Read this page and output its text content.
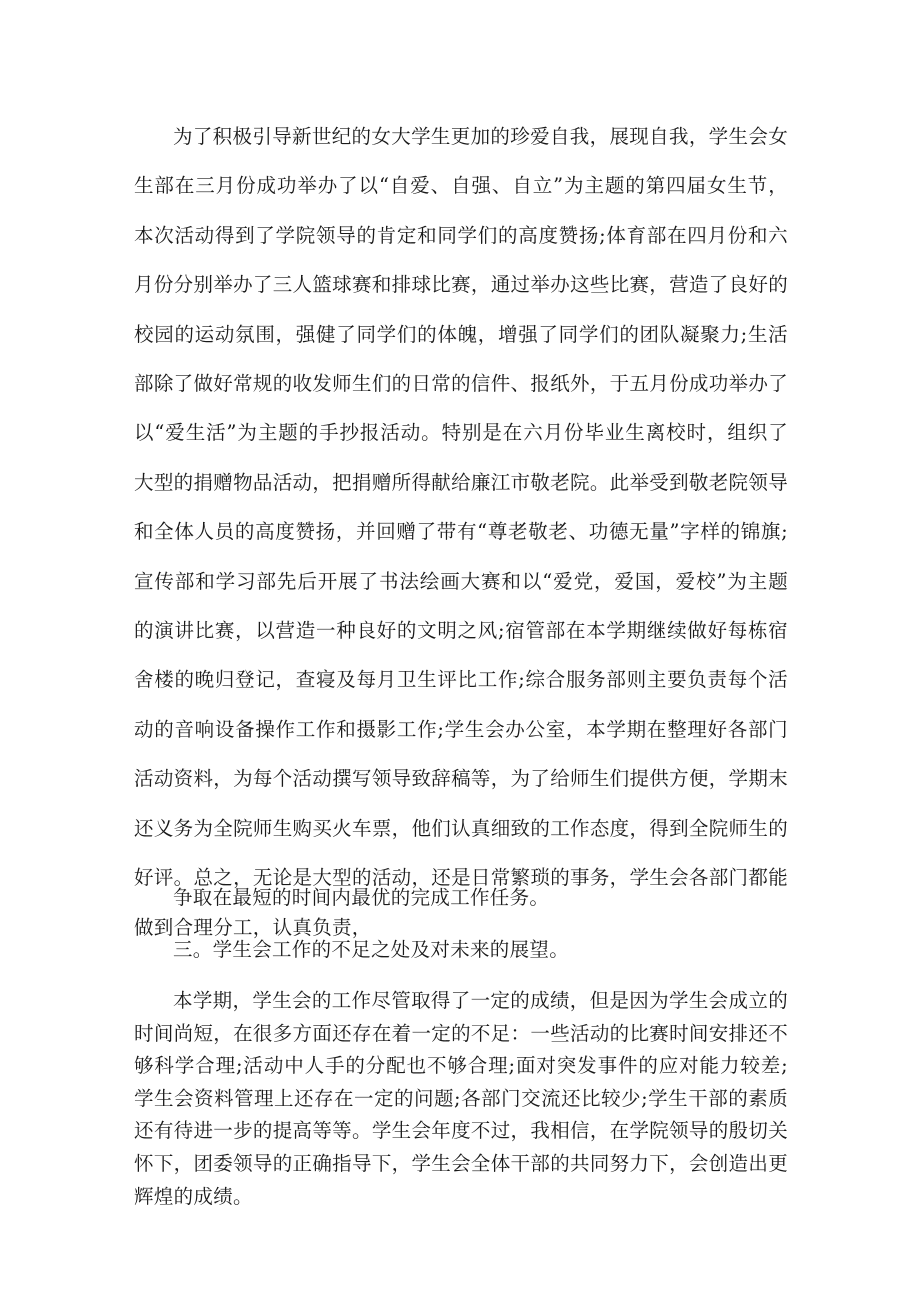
为了积极引导新世纪的女大学生更加的珍爱自我，展现自我，学生会女生部在三月份成功举办了以“自爱、自强、自立”为主题的第四届女生节，本次活动得到了学院领导的肯定和同学们的高度赞扬;体育部在四月份和六月份分别举办了三人篮球赛和排球比赛，通过举办这些比赛，营造了良好的校园的运动氛围，强健了同学们的体魄，增强了同学们的团队凝聚力;生活部除了做好常规的收发师生们的日常的信件、报纸外，于五月份成功举办了以“爱生活”为主题的手抄报活动。特别是在六月份毕业生离校时，组织了大型的捐赠物品活动，把捐赠所得献给廉江市敬老院。此举受到敬老院领导和全体人员的高度赞扬，并回赠了带有“尊老敬老、功德无量”字样的锦旗;宣传部和学习部先后开展了书法绘画大赛和以“爱党，爱国，爱校”为主题的演讲比赛，以营造一种良好的文明之风;宿管部在本学期继续做好每栋宿舍楼的晚归登记，查寝及每月卫生评比工作;综合服务部则主要负责每个活动的音响设备操作工作和摄影工作;学生会办公室，本学期在整理好各部门活动资料，为每个活动撰写领导致辞稿等，为了给师生们提供方便，学期末还义务为全院师生购买火车票，他们认真细致的工作态度，得到全院师生的好评。总之，无论是大型的活动，还是日常繁琐的事务，学生会各部门都能做到合理分工，认真负责，

争取在最短的时间内最优的完成工作任务。

三。学生会工作的不足之处及对未来的展望。

本学期，学生会的工作尽管取得了一定的成绩，但是因为学生会成立的时间尚短，在很多方面还存在着一定的不足：一些活动的比赛时间安排还不够科学合理;活动中人手的分配也不够合理;面对突发事件的应对能力较差;学生会资料管理上还存在一定的问题;各部门交流还比较少;学生干部的素质还有待进一步的提高等等。学生会年度不过，我相信，在学院领导的殷切关怀下，团委领导的正确指导下，学生会全体干部的共同努力下，会创造出更辉煌的成绩。
